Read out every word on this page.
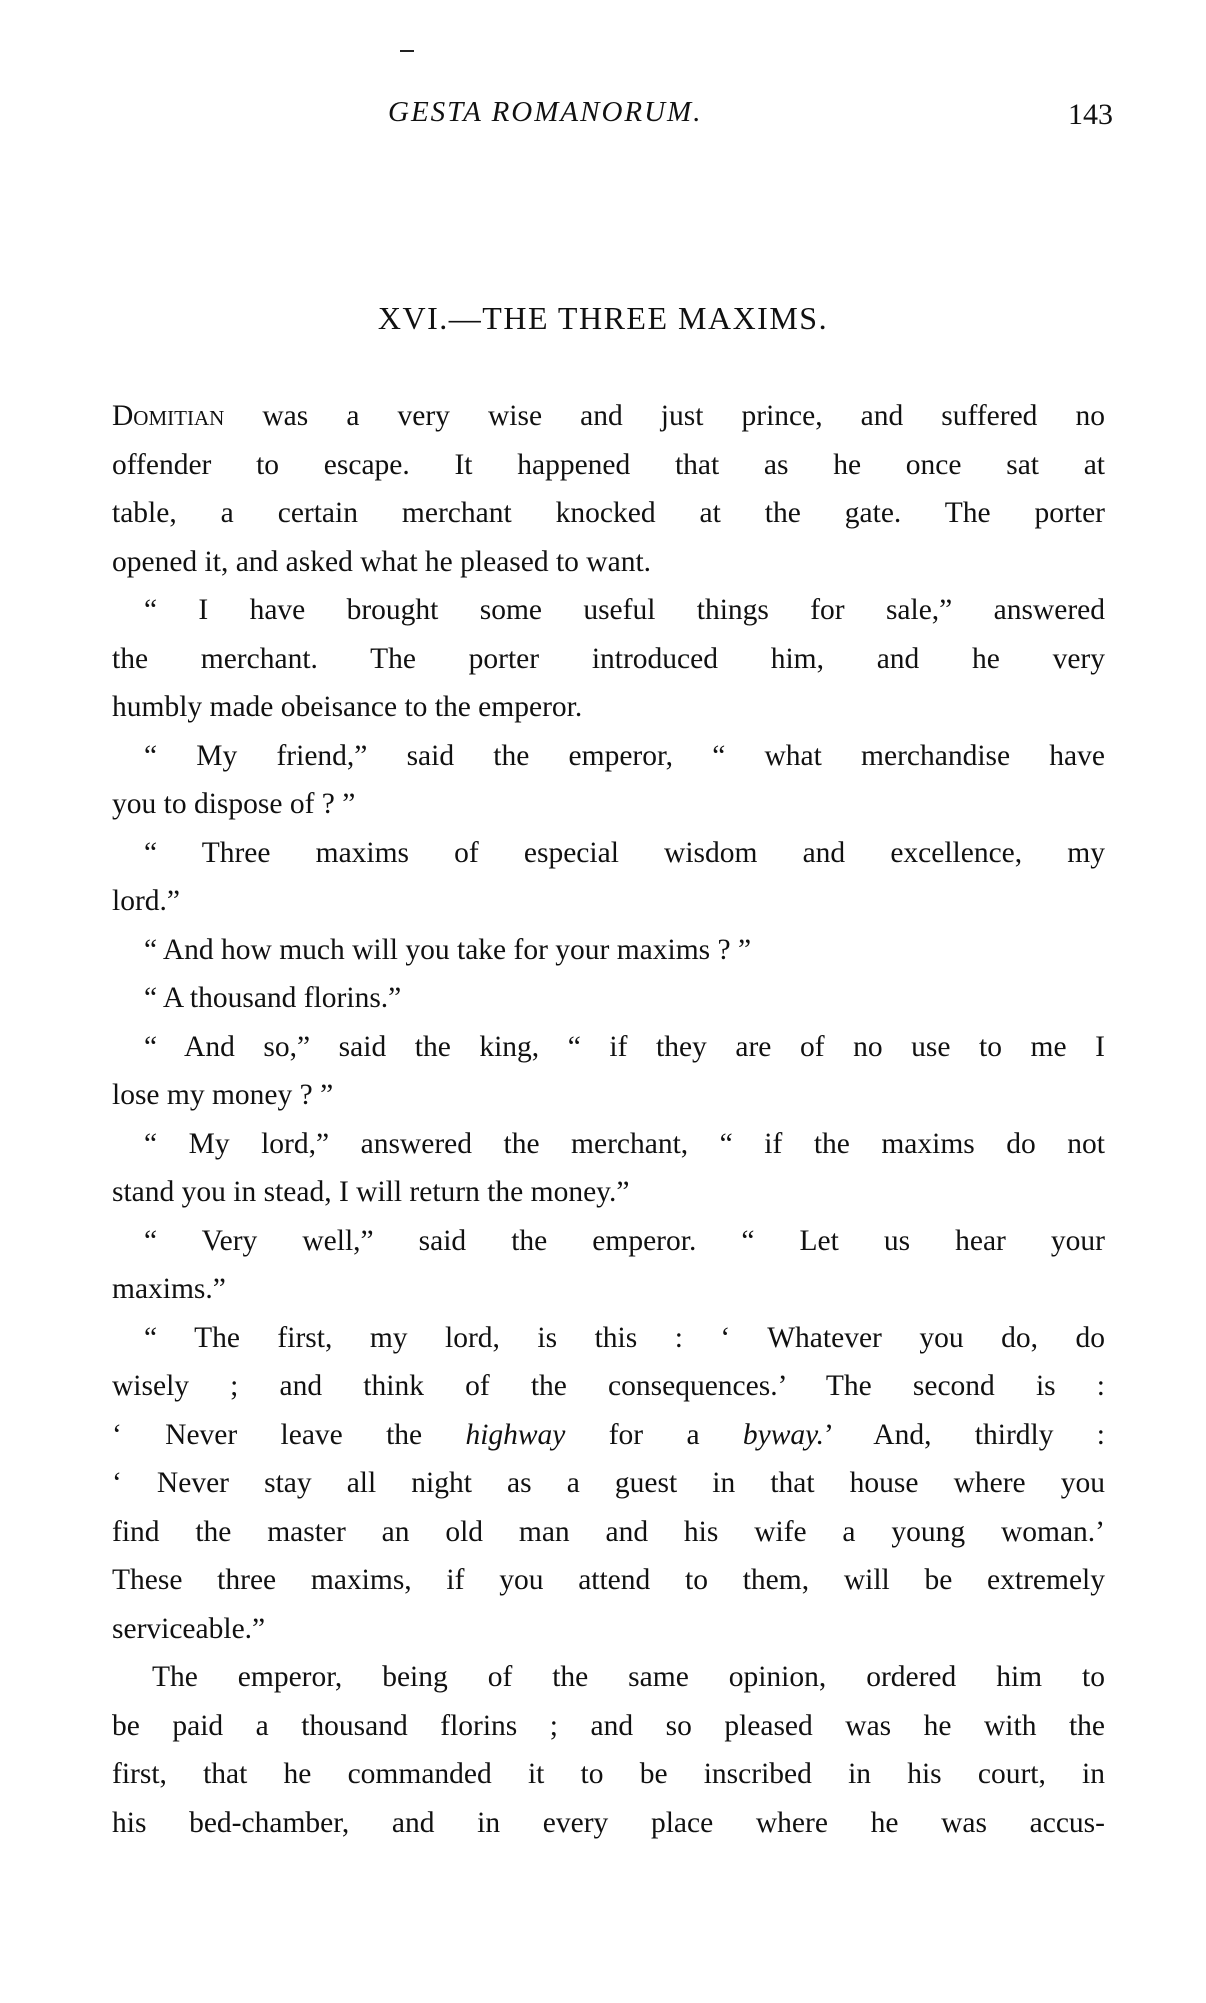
GESTA ROMANORUM.	143
XVI.—THE THREE MAXIMS.
Domitian was a very wise and just prince, and suffered no
offender to escape. It happened that as he once sat at
table, a certain merchant knocked at the gate. The porter
opened it, and asked what he pleased to want.
“ I have brought some useful things for sale,” answered
the merchant. The porter introduced him, and he very
humbly made obeisance to the emperor.
“ My friend,” said the emperor, “ what merchandise have
you to dispose of ? ”
“ Three maxims of especial wisdom and excellence, my
lord.”
“ And how much will you take for your maxims ? ”
“ A thousand florins.”
“ And so,” said the king, “ if they are of no use to me I
lose my money ? ”
“ My lord,” answered the merchant, “ if the maxims do not
stand you in stead, I will return the money.”
“ Very well,” said the emperor. “ Let us hear your
maxims.”
“ The first, my lord, is this : ‘ Whatever you do, do
wisely ; and think of the consequences.’ The second is :
‘ Never leave the highway for a byway.’ And, thirdly :
‘ Never stay all night as a guest in that house where you
find the master an old man and his wife a young woman.’
These three maxims, if you attend to them, will be extremely
serviceable.”
The emperor, being of the same opinion, ordered him to
be paid a thousand florins ; and so pleased was he with the
first, that he commanded it to be inscribed in his court, in
his bed-chamber, and in every place where he was accus-
